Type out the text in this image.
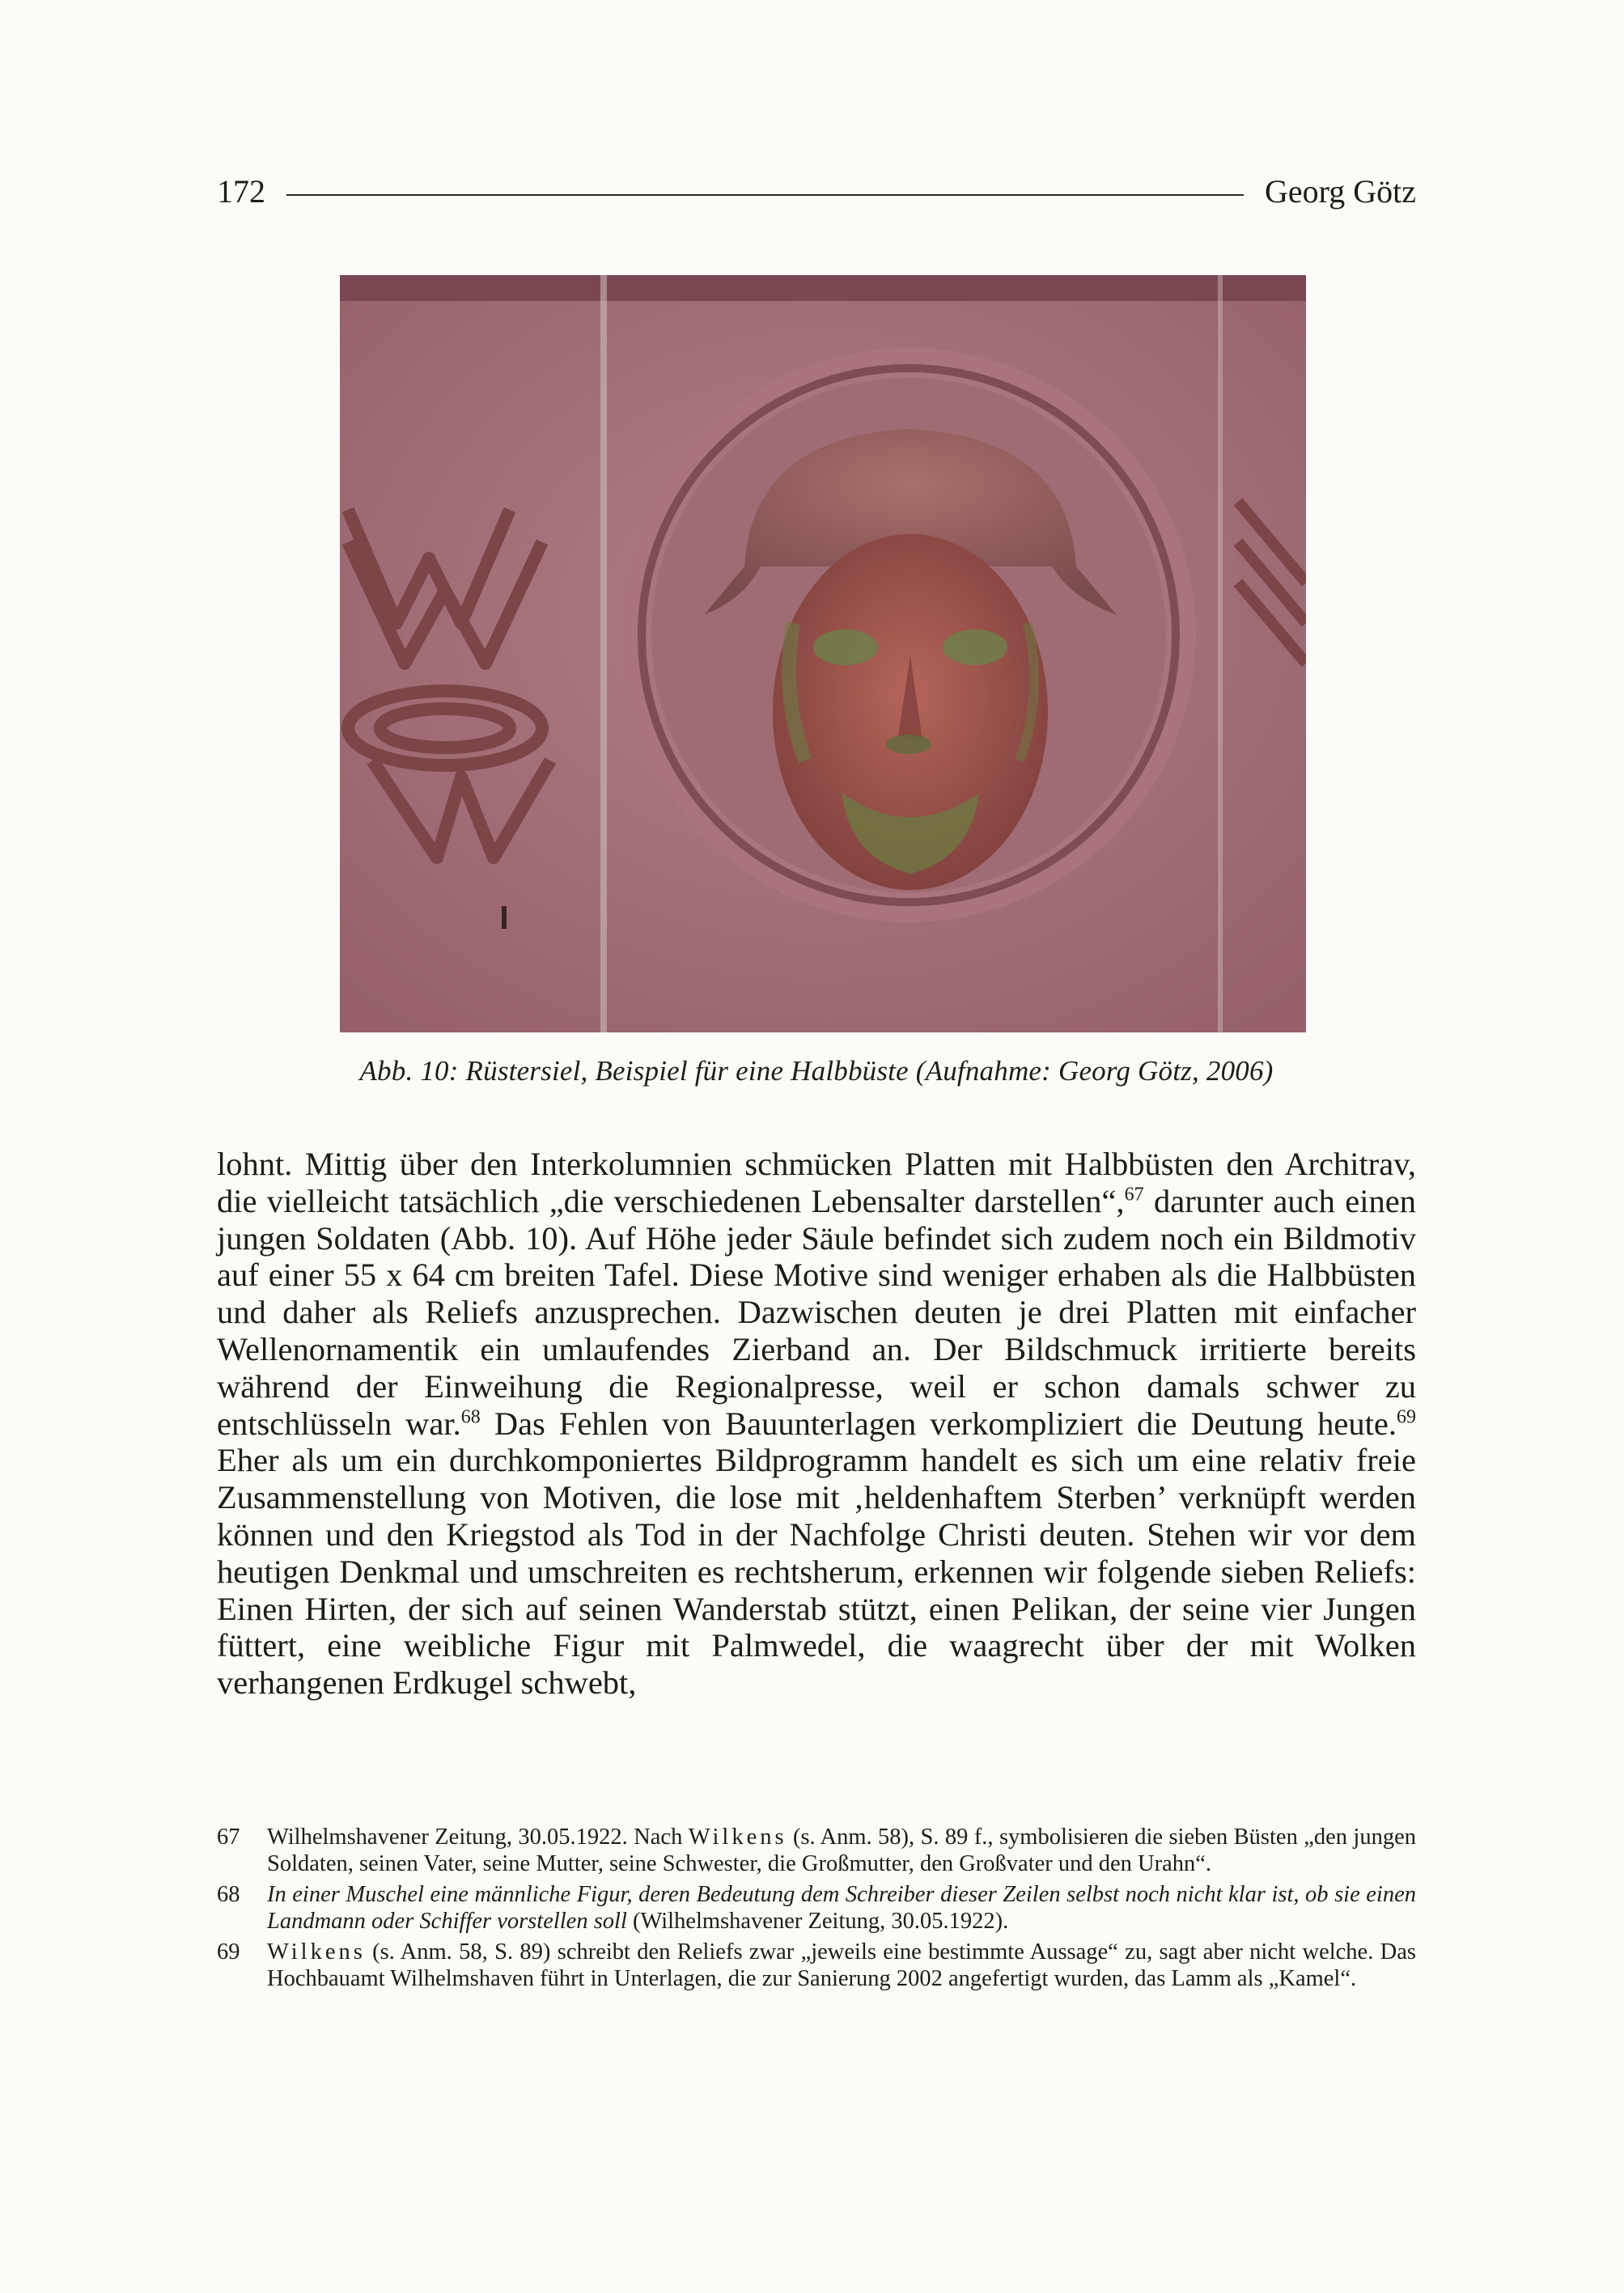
172	Georg Götz
Abb. 10: Rüstersiel, Beispiel für eine Halbbüste (Aufnahme: Georg Götz, 2006)

lohnt. Mittig über den Interkolumnien schmücken Platten mit Halbbüsten den Architrav, die vielleicht tatsächlich „die verschiedenen Lebensalter darstellen“,$^{67}$ darunter auch einen jungen Soldaten (Abb. 10). Auf Höhe jeder Säule befindet sich zudem noch ein Bildmotiv auf einer 55 x 64 cm breiten Tafel. Diese Motive sind weniger erhaben als die Halbbüsten und daher als Reliefs anzusprechen. Dazwischen deuten je drei Platten mit einfacher Wellenornamentik ein umlaufendes Zierband an. Der Bildschmuck irritierte bereits während der Einweihung die Regionalpresse, weil er schon damals schwer zu entschlüsseln war.$^{68}$ Das Fehlen von Bauunterlagen verkompliziert die Deutung heute.$^{69}$ Eher als um ein durchkomponiertes Bildprogramm handelt es sich um eine relativ freie Zusammenstellung von Motiven, die lose mit ‚heldenhaftem Sterben’ verknüpft werden können und den Kriegstod als Tod in der Nachfolge Christi deuten. Stehen wir vor dem heutigen Denkmal und umschreiten es rechtsherum, erkennen wir folgende sieben Reliefs: Einen Hirten, der sich auf seinen Wanderstab stützt, einen Pelikan, der seine vier Jungen füttert, eine weibliche Figur mit Palmwedel, die waagrecht über der mit Wolken verhangenen Erdkugel schwebt,

67	Wilhelmshavener Zeitung, 30.05.1922. Nach Wilkens (s. Anm. 58), S. 89 f., symbolisieren die sieben Büsten „den jungen Soldaten, seinen Vater, seine Mutter, seine Schwester, die Großmutter, den Großvater und den Urahn“.
68	In einer Muschel eine männliche Figur, deren Bedeutung dem Schreiber dieser Zeilen selbst noch nicht klar ist, ob sie einen Landmann oder Schiffer vorstellen soll (Wilhelmshavener Zeitung, 30.05.1922).
69	Wilkens (s. Anm. 58, S. 89) schreibt den Reliefs zwar „jeweils eine bestimmte Aussage“ zu, sagt aber nicht welche. Das Hochbauamt Wilhelmshaven führt in Unterlagen, die zur Sanierung 2002 angefertigt wurden, das Lamm als „Kamel“.
